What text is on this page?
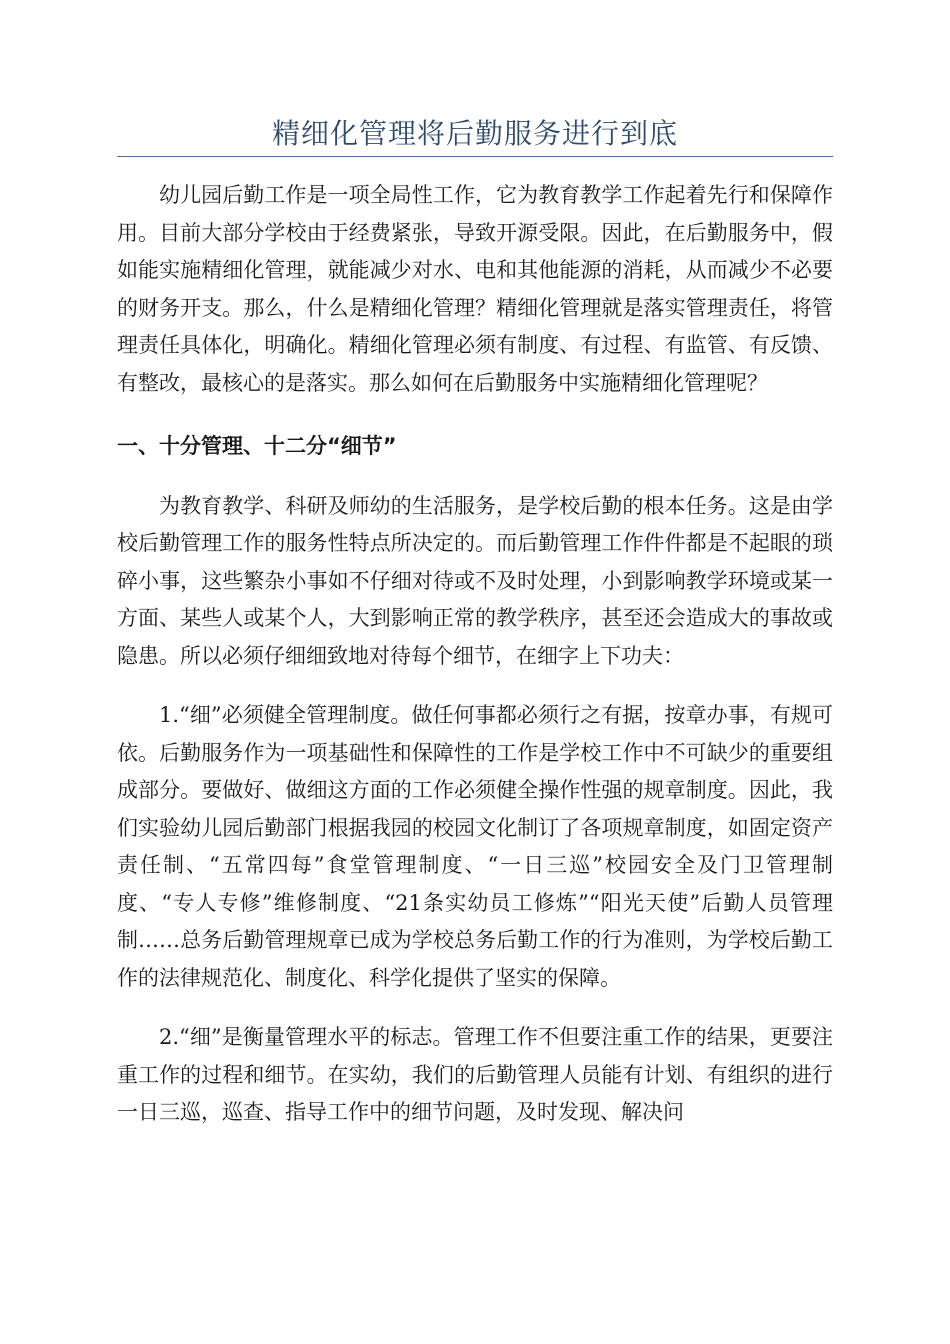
精细化管理将后勤服务进行到底

幼儿园后勤工作是一项全局性工作，它为教育教学工作起着先行和保障作用。目前大部分学校由于经费紧张，导致开源受限。因此，在后勤服务中，假如能实施精细化管理，就能减少对水、电和其他能源的消耗，从而减少不必要的财务开支。那么，什么是精细化管理？精细化管理就是落实管理责任，将管理责任具体化，明确化。精细化管理必须有制度、有过程、有监管、有反馈、有整改，最核心的是落实。那么如何在后勤服务中实施精细化管理呢？

一、十分管理、十二分“细节”

为教育教学、科研及师幼的生活服务，是学校后勤的根本任务。这是由学校后勤管理工作的服务性特点所决定的。而后勤管理工作件件都是不起眼的琐碎小事，这些繁杂小事如不仔细对待或不及时处理，小到影响教学环境或某一方面、某些人或某个人，大到影响正常的教学秩序，甚至还会造成大的事故或隐患。所以必须仔细细致地对待每个细节，在细字上下功夫：

1.“细”必须健全管理制度。做任何事都必须行之有据，按章办事，有规可依。后勤服务作为一项基础性和保障性的工作是学校工作中不可缺少的重要组成部分。要做好、做细这方面的工作必须健全操作性强的规章制度。因此，我们实验幼儿园后勤部门根据我园的校园文化制订了各项规章制度，如固定资产责任制、“五常四每”食堂管理制度、“一日三巡”校园安全及门卫管理制度、“专人专修”维修制度、“21条实幼员工修炼”“阳光天使”后勤人员管理制……总务后勤管理规章已成为学校总务后勤工作的行为准则，为学校后勤工作的法律规范化、制度化、科学化提供了坚实的保障。

2.“细”是衡量管理水平的标志。管理工作不但要注重工作的结果，更要注重工作的过程和细节。在实幼，我们的后勤管理人员能有计划、有组织的进行一日三巡，巡查、指导工作中的细节问题，及时发现、解决问
